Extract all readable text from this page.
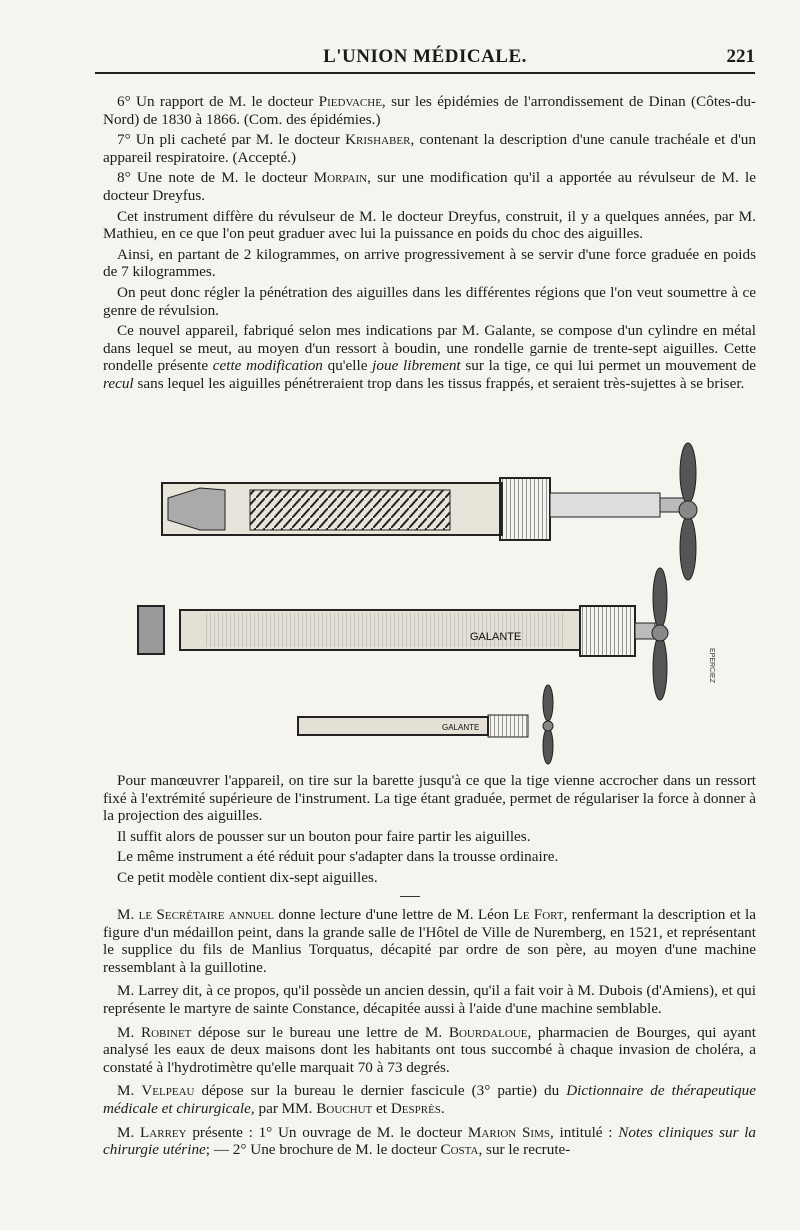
L'UNION MÉDICALE.	221

6° Un rapport de M. le docteur Piedvache, sur les épidémies de l'arrondissement de Dinan (Côtes-du-Nord) de 1830 à 1866. (Com. des épidémies.)

7° Un pli cacheté par M. le docteur Krishaber, contenant la description d'une canule trachéale et d'un appareil respiratoire. (Accepté.)

8° Une note de M. le docteur Morpain, sur une modification qu'il a apportée au révulseur de M. le docteur Dreyfus.

Cet instrument diffère du révulseur de M. le docteur Dreyfus, construit, il y a quelques années, par M. Mathieu, en ce que l'on peut graduer avec lui la puissance en poids du choc des aiguilles.

Ainsi, en partant de 2 kilogrammes, on arrive progressivement à se servir d'une force graduée en poids de 7 kilogrammes.

On peut donc régler la pénétration des aiguilles dans les différentes régions que l'on veut soumettre à ce genre de révulsion.

Ce nouvel appareil, fabriqué selon mes indications par M. Galante, se compose d'un cylindre en métal dans lequel se meut, au moyen d'un ressort à boudin, une rondelle garnie de trente-sept aiguilles. Cette rondelle présente cette modification qu'elle joue librement sur la tige, ce qui lui permet un mouvement de recul sans lequel les aiguilles pénétreraient trop dans les tissus frappés, et seraient très-sujettes à se briser.

GALANTE
EPERCIEZ
GALANTE

Pour manœuvrer l'appareil, on tire sur la barette jusqu'à ce que la tige vienne accrocher dans un ressort fixé à l'extrémité supérieure de l'instrument. La tige étant graduée, permet de régulariser la force à donner à la projection des aiguilles.

Il suffit alors de pousser sur un bouton pour faire partir les aiguilles.

Le même instrument a été réduit pour s'adapter dans la trousse ordinaire.

Ce petit modèle contient dix-sept aiguilles.

M. le Secrétaire annuel donne lecture d'une lettre de M. Léon Le Fort, renfermant la description et la figure d'un médaillon peint, dans la grande salle de l'Hôtel de Ville de Nuremberg, en 1521, et représentant le supplice du fils de Manlius Torquatus, décapité par ordre de son père, au moyen d'une machine ressemblant à la guillotine.

M. Larrey dit, à ce propos, qu'il possède un ancien dessin, qu'il a fait voir à M. Dubois (d'Amiens), et qui représente le martyre de sainte Constance, décapitée aussi à l'aide d'une machine semblable.

M. Robinet dépose sur le bureau une lettre de M. Bourdaloue, pharmacien de Bourges, qui ayant analysé les eaux de deux maisons dont les habitants ont tous succombé à chaque invasion de choléra, a constaté à l'hydrotimètre qu'elle marquait 70 à 73 degrés.

M. Velpeau dépose sur la bureau le dernier fascicule (3° partie) du Dictionnaire de thérapeutique médicale et chirurgicale, par MM. Bouchut et Desprès.

M. Larrey présente : 1° Un ouvrage de M. le docteur Marion Sims, intitulé : Notes cliniques sur la chirurgie utérine; — 2° Une brochure de M. le docteur Costa, sur le recrute-
